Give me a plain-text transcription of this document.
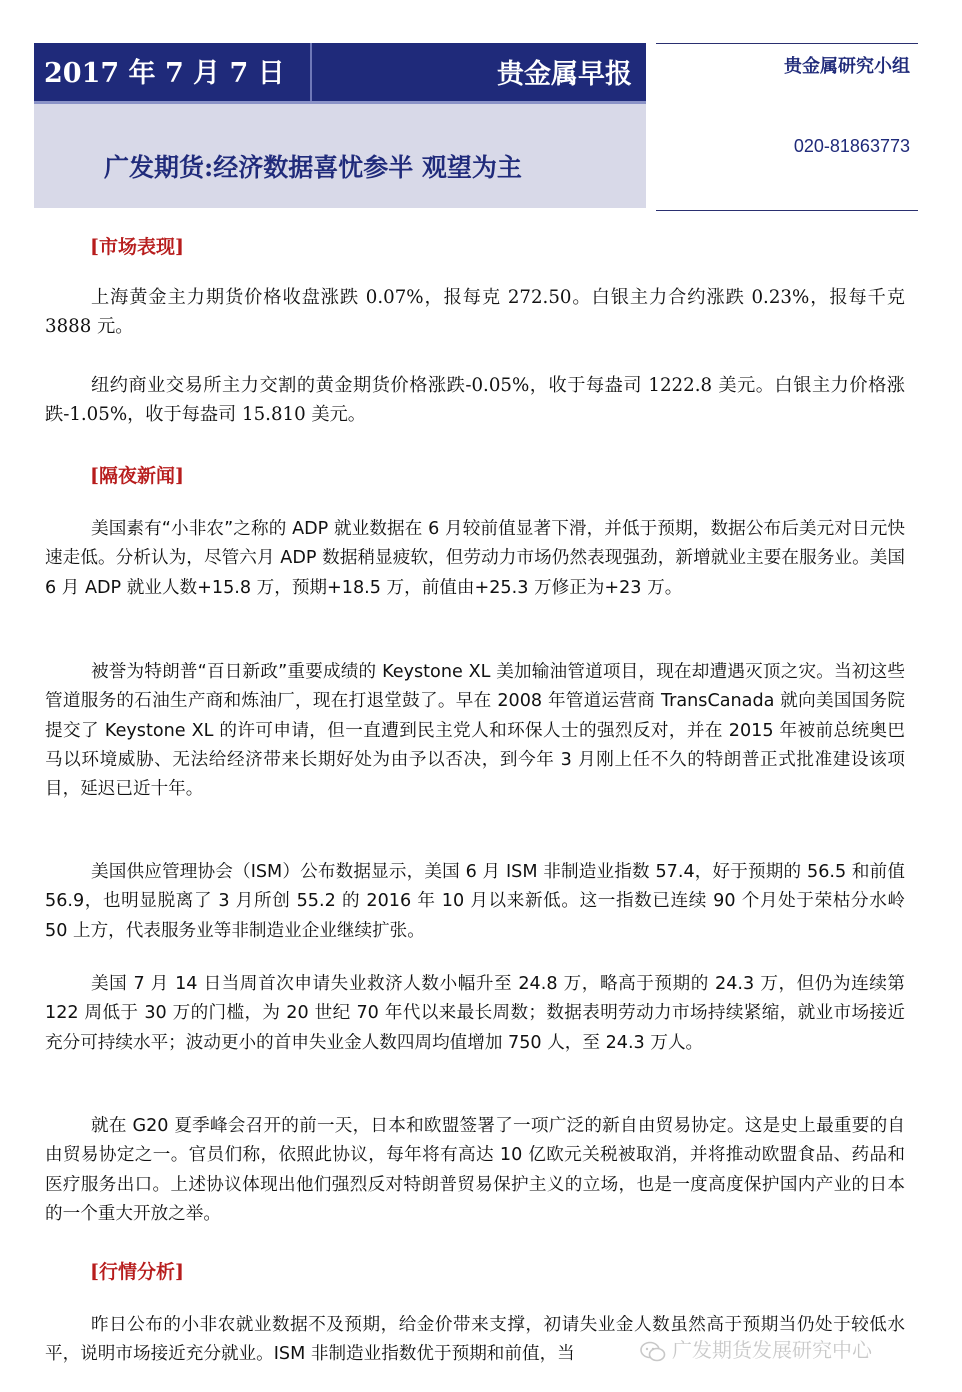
2017 年 7 月 7 日	贵金属早报
广发期货:经济数据喜忧参半 观望为主
贵金属研究小组
020-81863773
[市场表现]

上海黄金主力期货价格收盘涨跌 0.07%，报每克 272.50。白银主力合约涨跌 0.23%，报每千克 3888 元。

纽约商业交易所主力交割的黄金期货价格涨跌-0.05%，收于每盎司 1222.8 美元。白银主力价格涨跌-1.05%，收于每盎司 15.810 美元。

[隔夜新闻]

美国素有“小非农”之称的 ADP 就业数据在 6 月较前值显著下滑，并低于预期，数据公布后美元对日元快速走低。分析认为，尽管六月 ADP 数据稍显疲软，但劳动力市场仍然表现强劲，新增就业主要在服务业。美国 6 月 ADP 就业人数+15.8 万，预期+18.5 万，前值由+25.3 万修正为+23 万。

被誉为特朗普“百日新政”重要成绩的 Keystone XL 美加输油管道项目，现在却遭遇灭顶之灾。当初这些管道服务的石油生产商和炼油厂，现在打退堂鼓了。早在 2008 年管道运营商 TransCanada 就向美国国务院提交了 Keystone XL 的许可申请，但一直遭到民主党人和环保人士的强烈反对，并在 2015 年被前总统奥巴马以环境威胁、无法给经济带来长期好处为由予以否决，到今年 3 月刚上任不久的特朗普正式批准建设该项目，延迟已近十年。

美国供应管理协会（ISM）公布数据显示，美国 6 月 ISM 非制造业指数 57.4，好于预期的 56.5 和前值 56.9，也明显脱离了 3 月所创 55.2 的 2016 年 10 月以来新低。这一指数已连续 90 个月处于荣枯分水岭 50 上方，代表服务业等非制造业企业继续扩张。

美国 7 月 14 日当周首次申请失业救济人数小幅升至 24.8 万，略高于预期的 24.3 万，但仍为连续第 122 周低于 30 万的门槛，为 20 世纪 70 年代以来最长周数；数据表明劳动力市场持续紧缩，就业市场接近充分可持续水平；波动更小的首申失业金人数四周均值增加 750 人，至 24.3 万人。

就在 G20 夏季峰会召开的前一天，日本和欧盟签署了一项广泛的新自由贸易协定。这是史上最重要的自由贸易协定之一。官员们称，依照此协议，每年将有高达 10 亿欧元关税被取消，并将推动欧盟食品、药品和医疗服务出口。上述协议体现出他们强烈反对特朗普贸易保护主义的立场，也是一度高度保护国内产业的日本的一个重大开放之举。

[行情分析]

昨日公布的小非农就业数据不及预期，给金价带来支撑，初请失业金人数虽然高于预期当仍处于较低水平，说明市场接近充分就业。ISM 非制造业指数优于预期和前值，当	广发期货发展研究中心
